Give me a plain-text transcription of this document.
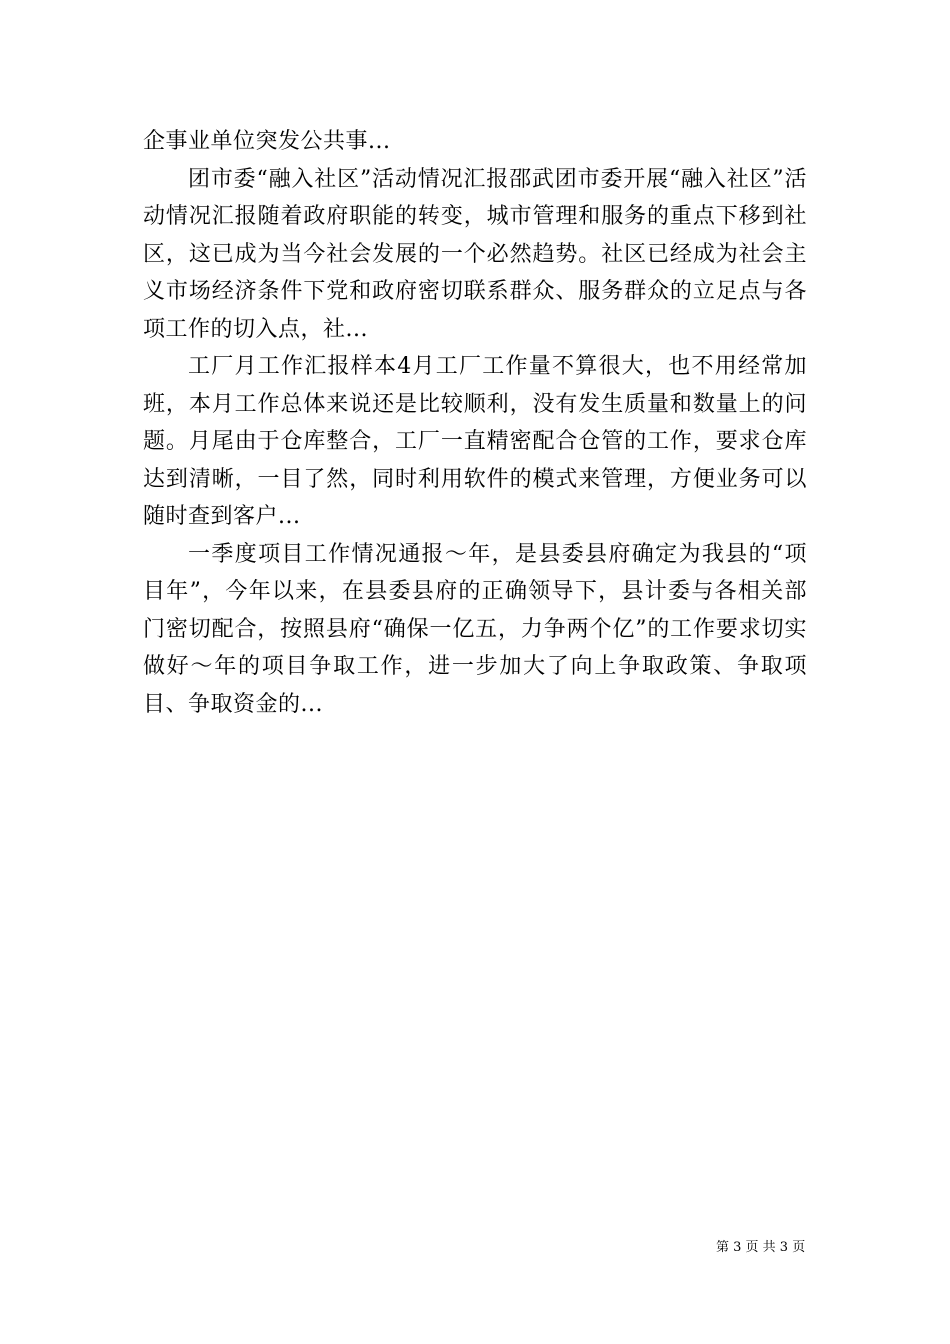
企事业单位突发公共事...

团市委“融入社区”活动情况汇报邵武团市委开展“融入社区”活动情况汇报随着政府职能的转变，城市管理和服务的重点下移到社区，这已成为当今社会发展的一个必然趋势。社区已经成为社会主义市场经济条件下党和政府密切联系群众、服务群众的立足点与各项工作的切入点，社...

工厂月工作汇报样本4月工厂工作量不算很大，也不用经常加班，本月工作总体来说还是比较顺利，没有发生质量和数量上的问题。月尾由于仓库整合，工厂一直精密配合仓管的工作，要求仓库达到清晰，一目了然，同时利用软件的模式来管理，方便业务可以随时查到客户...

一季度项目工作情况通报～年，是县委县府确定为我县的“项目年”，今年以来，在县委县府的正确领导下，县计委与各相关部门密切配合，按照县府“确保一亿五，力争两个亿”的工作要求切实做好～年的项目争取工作，进一步加大了向上争取政策、争取项目、争取资金的...

第 3 页 共 3 页
